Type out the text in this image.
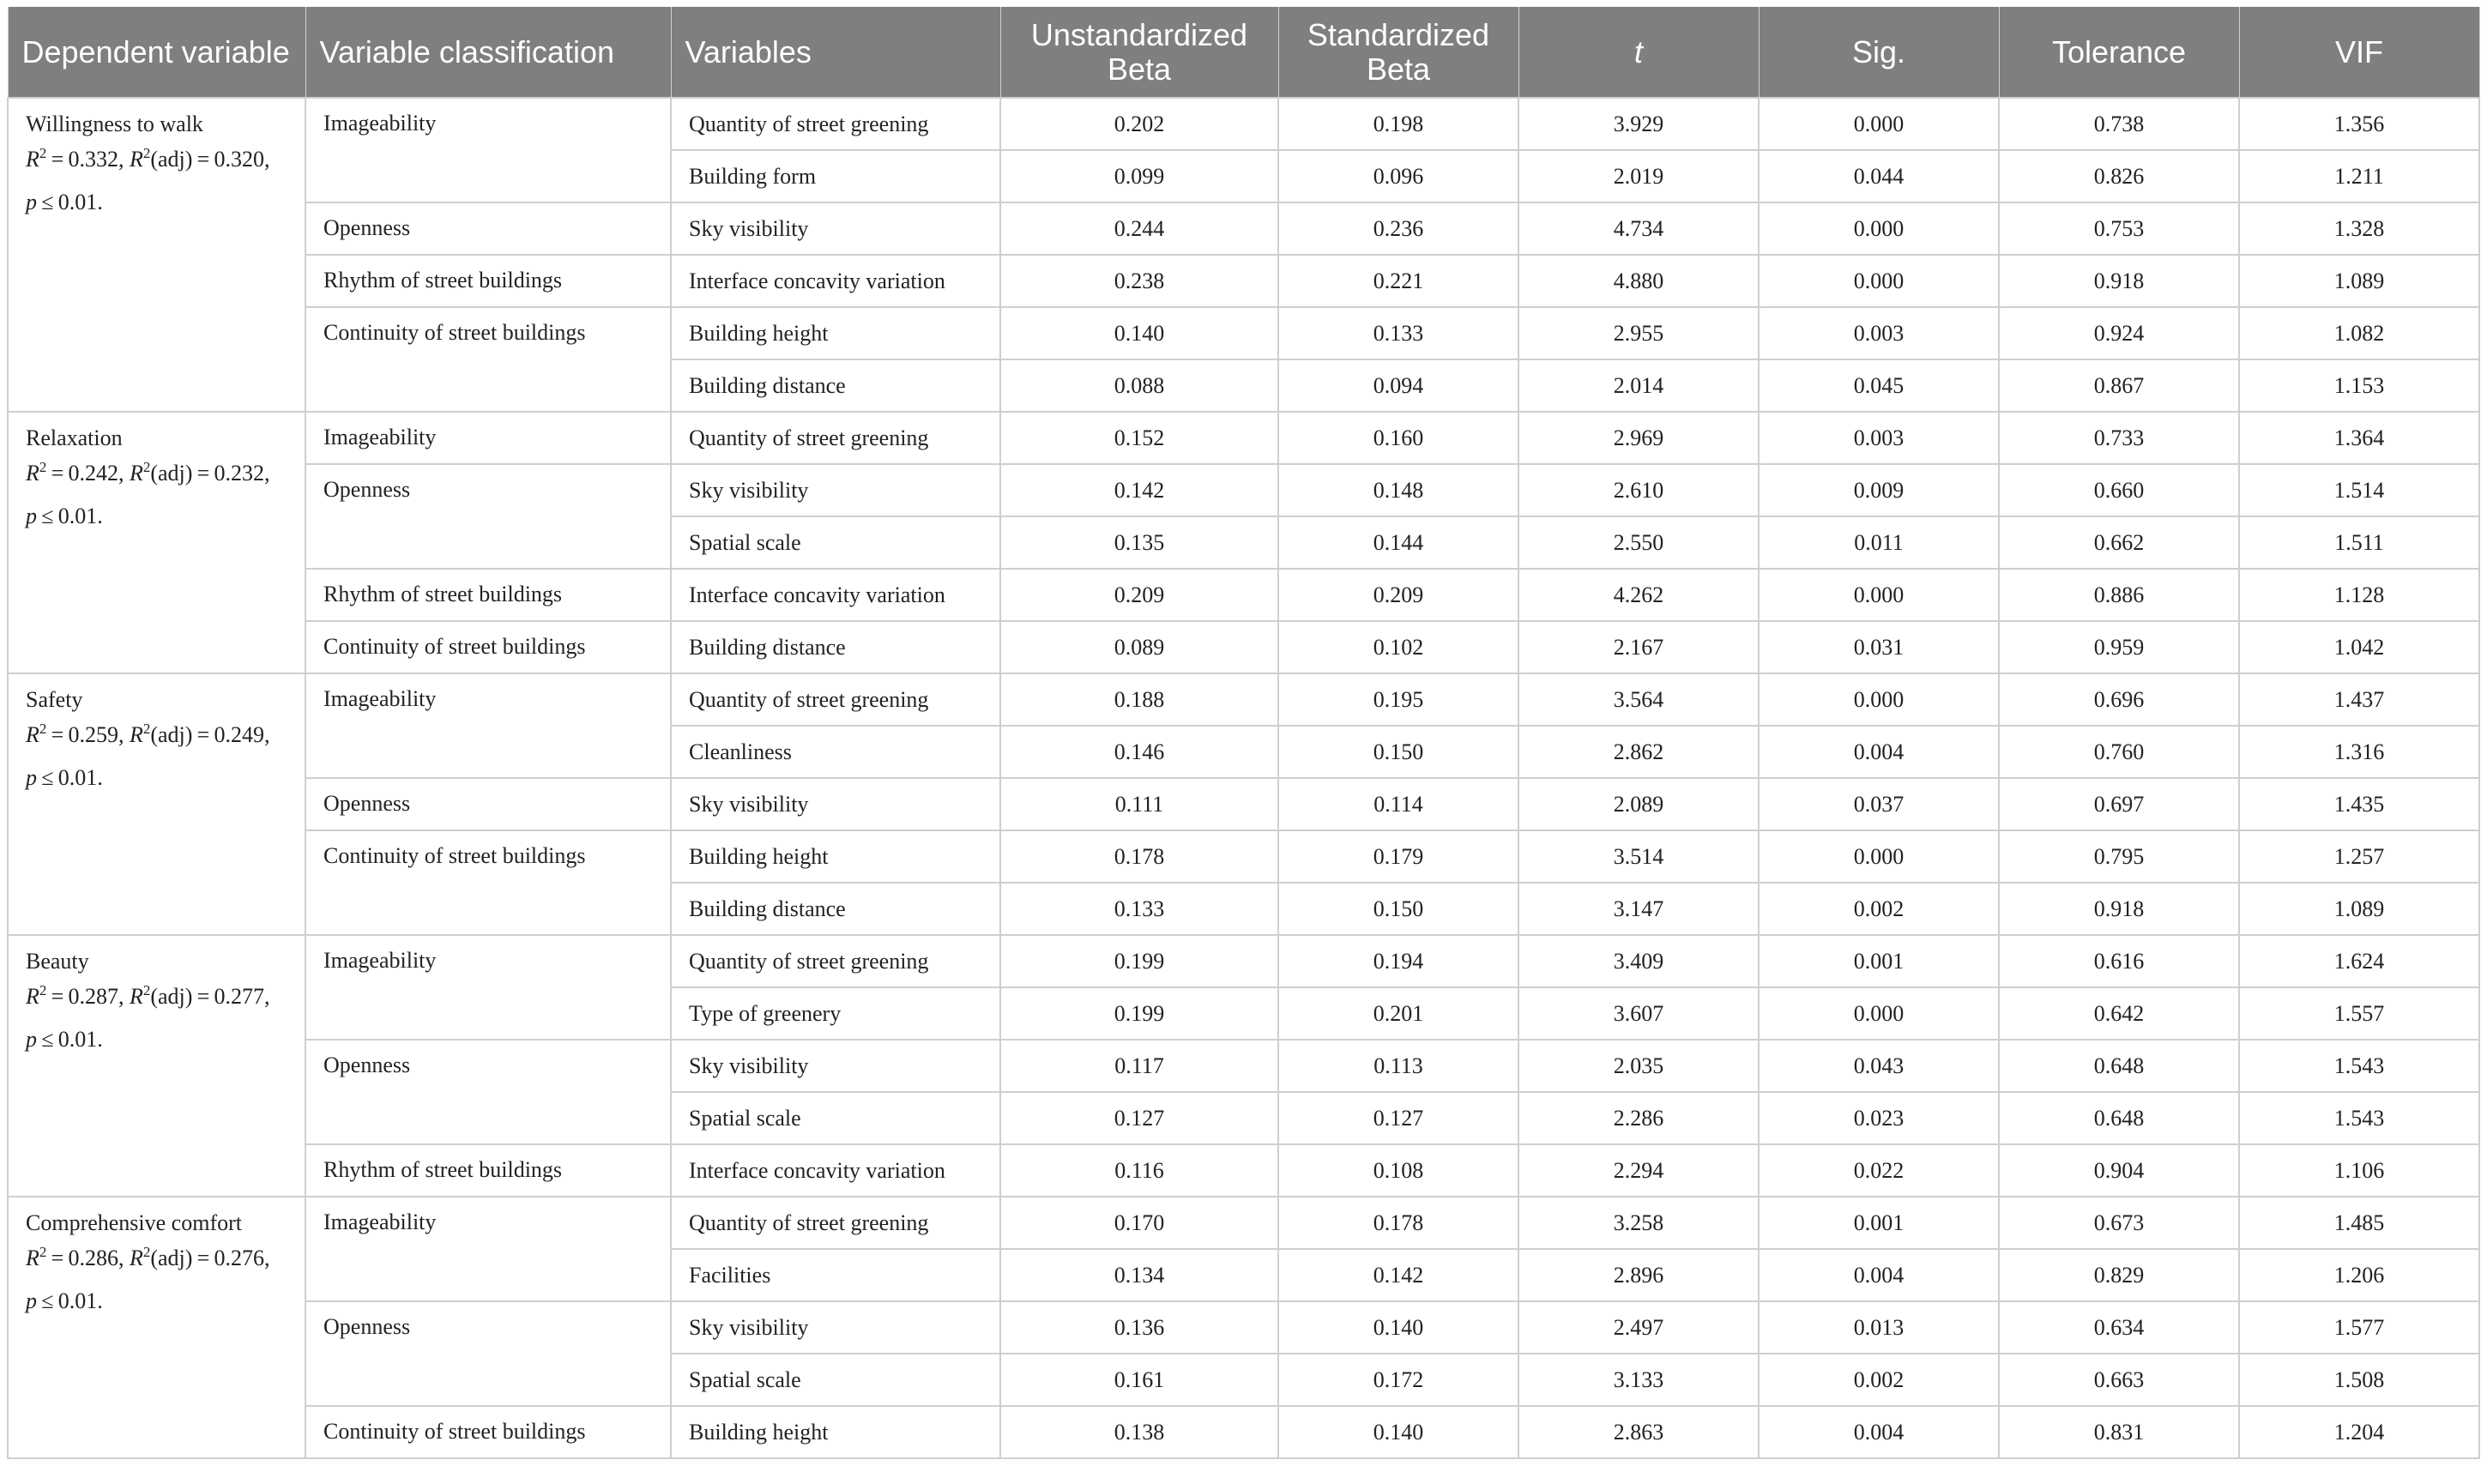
Dependent variable	Variable classification	Variables	Unstandardized Beta	Standardized Beta	t	Sig.	Tolerance	VIF

Willingness to walk
$R^2 = 0.332$, $R^2(adj) = 0.320$, p ≤ 0.01.	Imageability	Quantity of street greening	0.202	0.198	3.929	0.000	0.738	1.356
		Building form	0.099	0.096	2.019	0.044	0.826	1.211
	Openness	Sky visibility	0.244	0.236	4.734	0.000	0.753	1.328
	Rhythm of street buildings	Interface concavity variation	0.238	0.221	4.880	0.000	0.918	1.089
	Continuity of street buildings	Building height	0.140	0.133	2.955	0.003	0.924	1.082
		Building distance	0.088	0.094	2.014	0.045	0.867	1.153

Relaxation
$R^2 = 0.242$, $R^2(adj) = 0.232$, p ≤ 0.01.	Imageability	Quantity of street greening	0.152	0.160	2.969	0.003	0.733	1.364
	Openness	Sky visibility	0.142	0.148	2.610	0.009	0.660	1.514
		Spatial scale	0.135	0.144	2.550	0.011	0.662	1.511
	Rhythm of street buildings	Interface concavity variation	0.209	0.209	4.262	0.000	0.886	1.128
	Continuity of street buildings	Building distance	0.089	0.102	2.167	0.031	0.959	1.042

Safety
$R^2 = 0.259$, $R^2(adj) = 0.249$, p ≤ 0.01.	Imageability	Quantity of street greening	0.188	0.195	3.564	0.000	0.696	1.437
		Cleanliness	0.146	0.150	2.862	0.004	0.760	1.316
	Openness	Sky visibility	0.111	0.114	2.089	0.037	0.697	1.435
	Continuity of street buildings	Building height	0.178	0.179	3.514	0.000	0.795	1.257
		Building distance	0.133	0.150	3.147	0.002	0.918	1.089

Beauty
$R^2 = 0.287$, $R^2(adj) = 0.277$, p ≤ 0.01.	Imageability	Quantity of street greening	0.199	0.194	3.409	0.001	0.616	1.624
		Type of greenery	0.199	0.201	3.607	0.000	0.642	1.557
	Openness	Sky visibility	0.117	0.113	2.035	0.043	0.648	1.543
		Spatial scale	0.127	0.127	2.286	0.023	0.648	1.543
	Rhythm of street buildings	Interface concavity variation	0.116	0.108	2.294	0.022	0.904	1.106

Comprehensive comfort
$R^2 = 0.286$, $R^2(adj) = 0.276$, p ≤ 0.01.	Imageability	Quantity of street greening	0.170	0.178	3.258	0.001	0.673	1.485
		Facilities	0.134	0.142	2.896	0.004	0.829	1.206
	Openness	Sky visibility	0.136	0.140	2.497	0.013	0.634	1.577
		Spatial scale	0.161	0.172	3.133	0.002	0.663	1.508
	Continuity of street buildings	Building height	0.138	0.140	2.863	0.004	0.831	1.204
